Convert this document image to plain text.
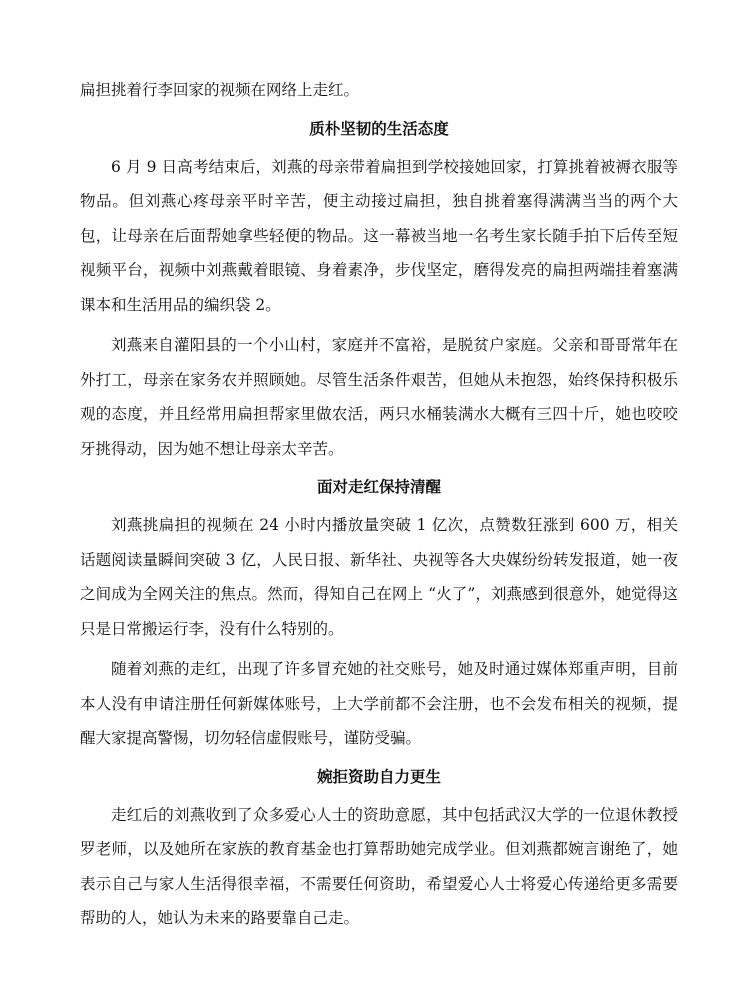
扁担挑着行李回家的视频在网络上走红。

质朴坚韧的生活态度

6 月 9 日高考结束后，刘燕的母亲带着扁担到学校接她回家，打算挑着被褥衣服等物品。但刘燕心疼母亲平时辛苦，便主动接过扁担，独自挑着塞得满满当当的两个大包，让母亲在后面帮她拿些轻便的物品。这一幕被当地一名考生家长随手拍下后传至短视频平台，视频中刘燕戴着眼镜、身着素净，步伐坚定，磨得发亮的扁担两端挂着塞满课本和生活用品的编织袋 2。

刘燕来自灌阳县的一个小山村，家庭并不富裕，是脱贫户家庭。父亲和哥哥常年在外打工，母亲在家务农并照顾她。尽管生活条件艰苦，但她从未抱怨，始终保持积极乐观的态度，并且经常用扁担帮家里做农活，两只水桶装满水大概有三四十斤，她也咬咬牙挑得动，因为她不想让母亲太辛苦。

面对走红保持清醒

刘燕挑扁担的视频在 24 小时内播放量突破 1 亿次，点赞数狂涨到 600 万，相关话题阅读量瞬间突破 3 亿，人民日报、新华社、央视等各大央媒纷纷转发报道，她一夜之间成为全网关注的焦点。然而，得知自己在网上 “火了”，刘燕感到很意外，她觉得这只是日常搬运行李，没有什么特别的。

随着刘燕的走红，出现了许多冒充她的社交账号，她及时通过媒体郑重声明，目前本人没有申请注册任何新媒体账号，上大学前都不会注册，也不会发布相关的视频，提醒大家提高警惕，切勿轻信虚假账号，谨防受骗。

婉拒资助自力更生

走红后的刘燕收到了众多爱心人士的资助意愿，其中包括武汉大学的一位退休教授罗老师，以及她所在家族的教育基金也打算帮助她完成学业。但刘燕都婉言谢绝了，她表示自己与家人生活得很幸福，不需要任何资助，希望爱心人士将爱心传递给更多需要帮助的人，她认为未来的路要靠自己走。
